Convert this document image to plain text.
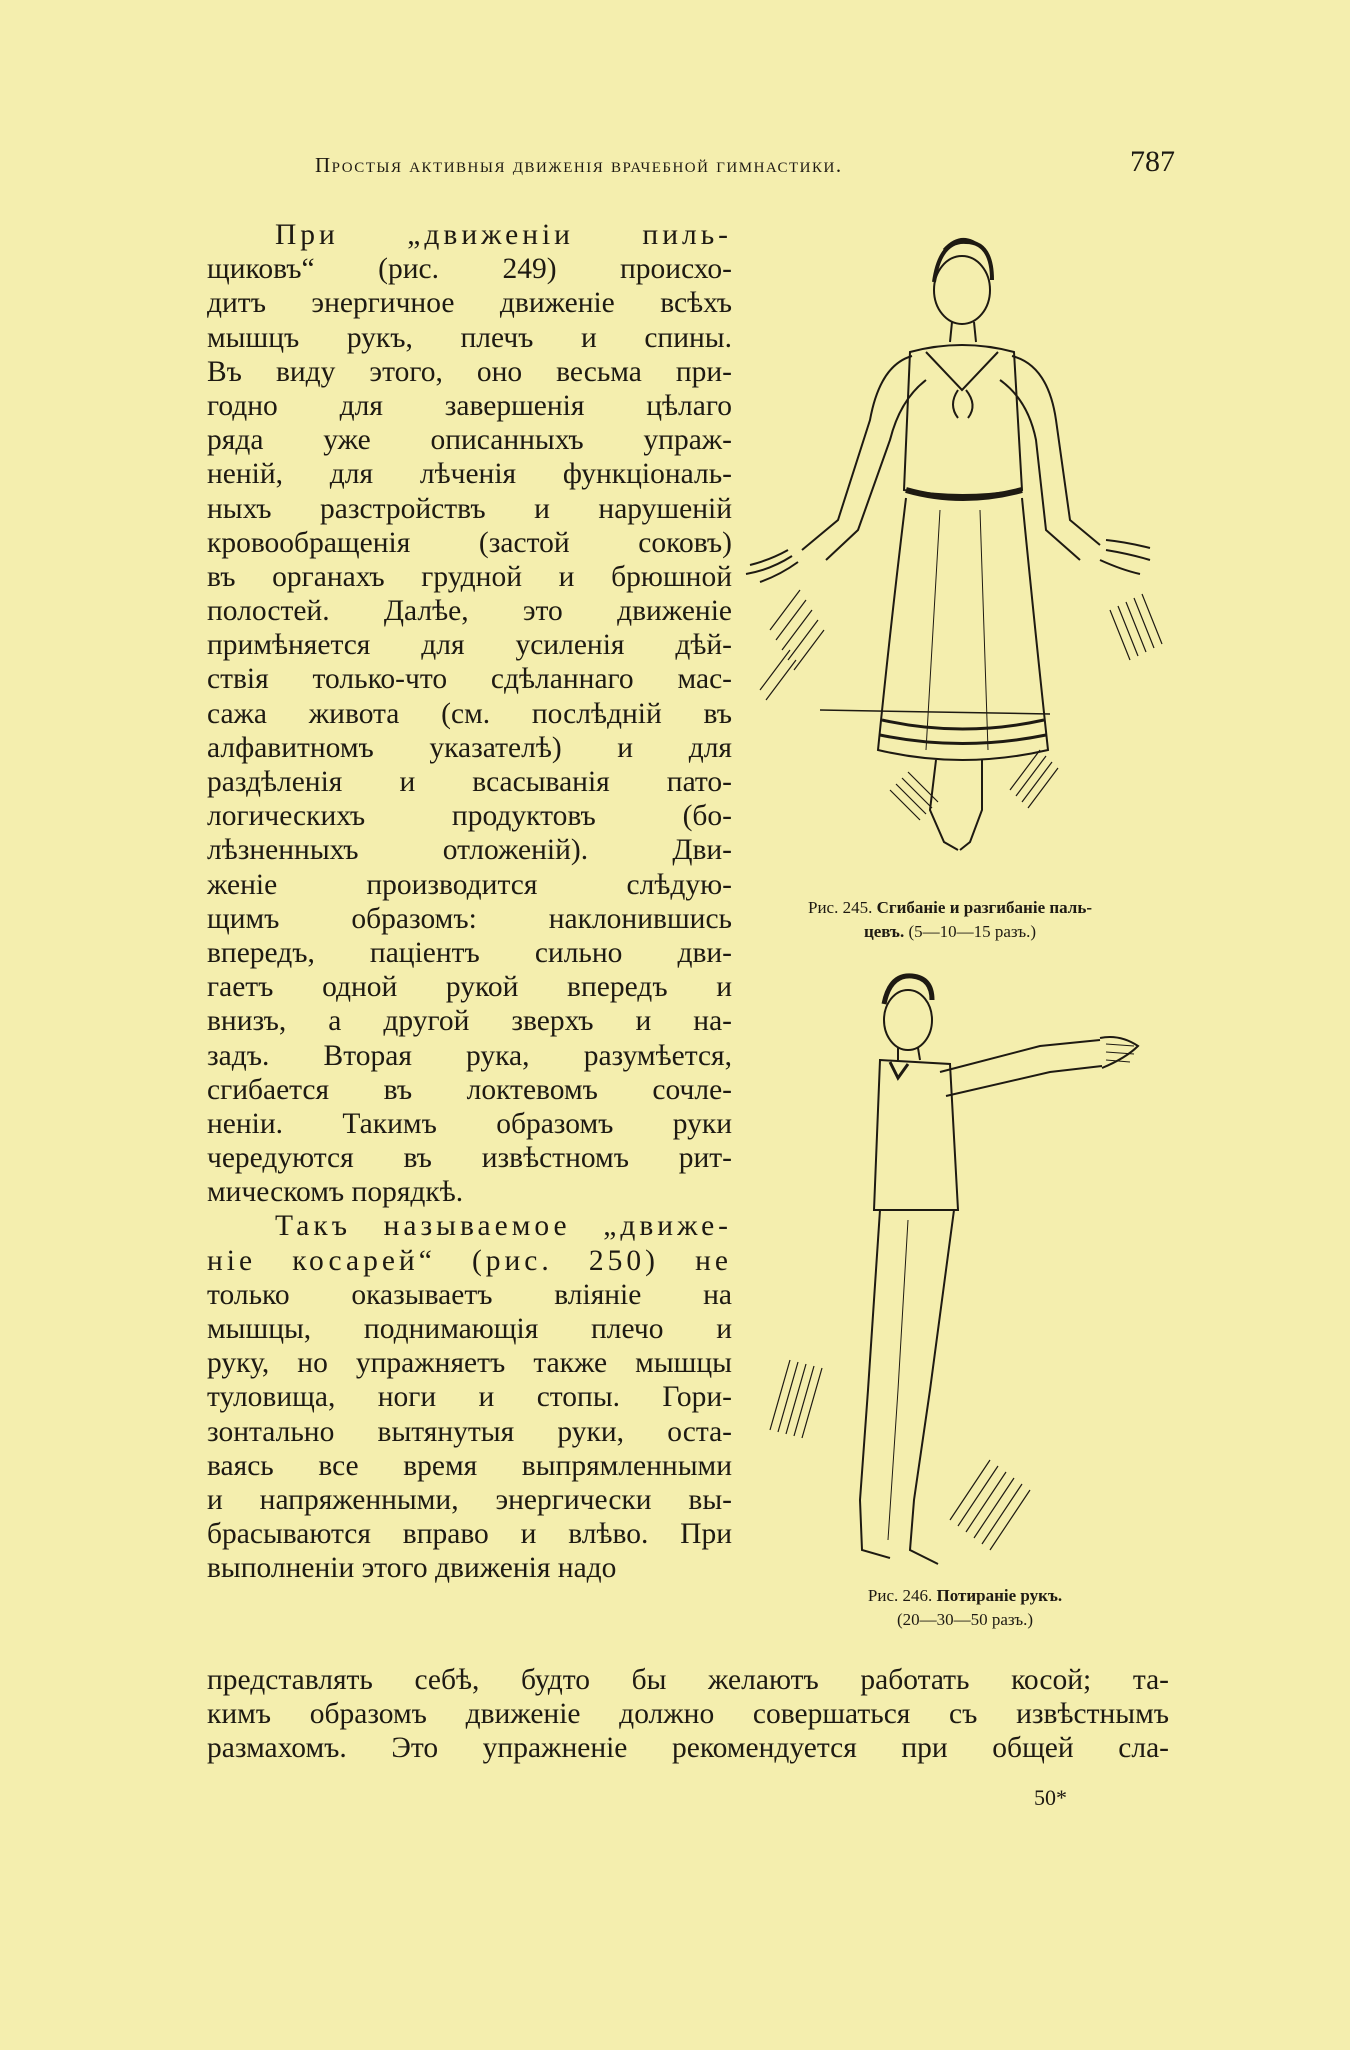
Простыя активныя движенія врачебной гимнастики.	787
При „движеніи пиль-
щиковъ“ (рис. 249) происхо-
дитъ энергичное движеніе всѣхъ
мышцъ рукъ, плечъ и спины.
Въ виду этого, оно весьма при-
годно для завершенія цѣлаго
ряда уже описанныхъ упраж-
неній, для лѣченія функціональ-
ныхъ разстройствъ и нарушеній
кровообращенія (застой соковъ)
въ органахъ грудной и брюшной
полостей. Далѣе, это движеніе
примѣняется для усиленія дѣй-
ствія только-что сдѣланнаго мас-
сажа живота (см. послѣдній въ
алфавитномъ указателѣ) и для
раздѣленія и всасыванія пато-
логическихъ продуктовъ (бо-
лѣзненныхъ отложеній). Дви-
женіе производится слѣдую-
щимъ образомъ: наклонившись
впередъ, паціентъ сильно дви-
гаетъ одной рукой впередъ и
внизъ, а другой зверхъ и на-
задъ. Вторая рука, разумѣется,
сгибается въ локтевомъ сочле-
неніи. Такимъ образомъ руки
чередуются въ извѣстномъ рит-
мическомъ порядкѣ.
Такъ называемое „движе-
ніе косарей“ (рис. 250) не
только оказываетъ вліяніе на
мышцы, поднимающія плечо и
руку, но упражняетъ также мышцы
туловища, ноги и стопы. Гори-
зонтально вытянутыя руки, оста-
ваясь все время выпрямленными
и напряженными, энергически вы-
брасываются вправо и влѣво. При
выполненіи этого движенія надо
представлять себѣ, будто бы желаютъ работать косой; та-
кимъ образомъ движеніе должно совершаться съ извѣстнымъ
размахомъ. Это упражненіе рекомендуется при общей сла-
Рис. 245. Сгибаніе и разгибаніе паль-
цевъ. (5—10—15 разъ.)
Рис. 246. Потираніе рукъ.
(20—30—50 разъ.)
50*
